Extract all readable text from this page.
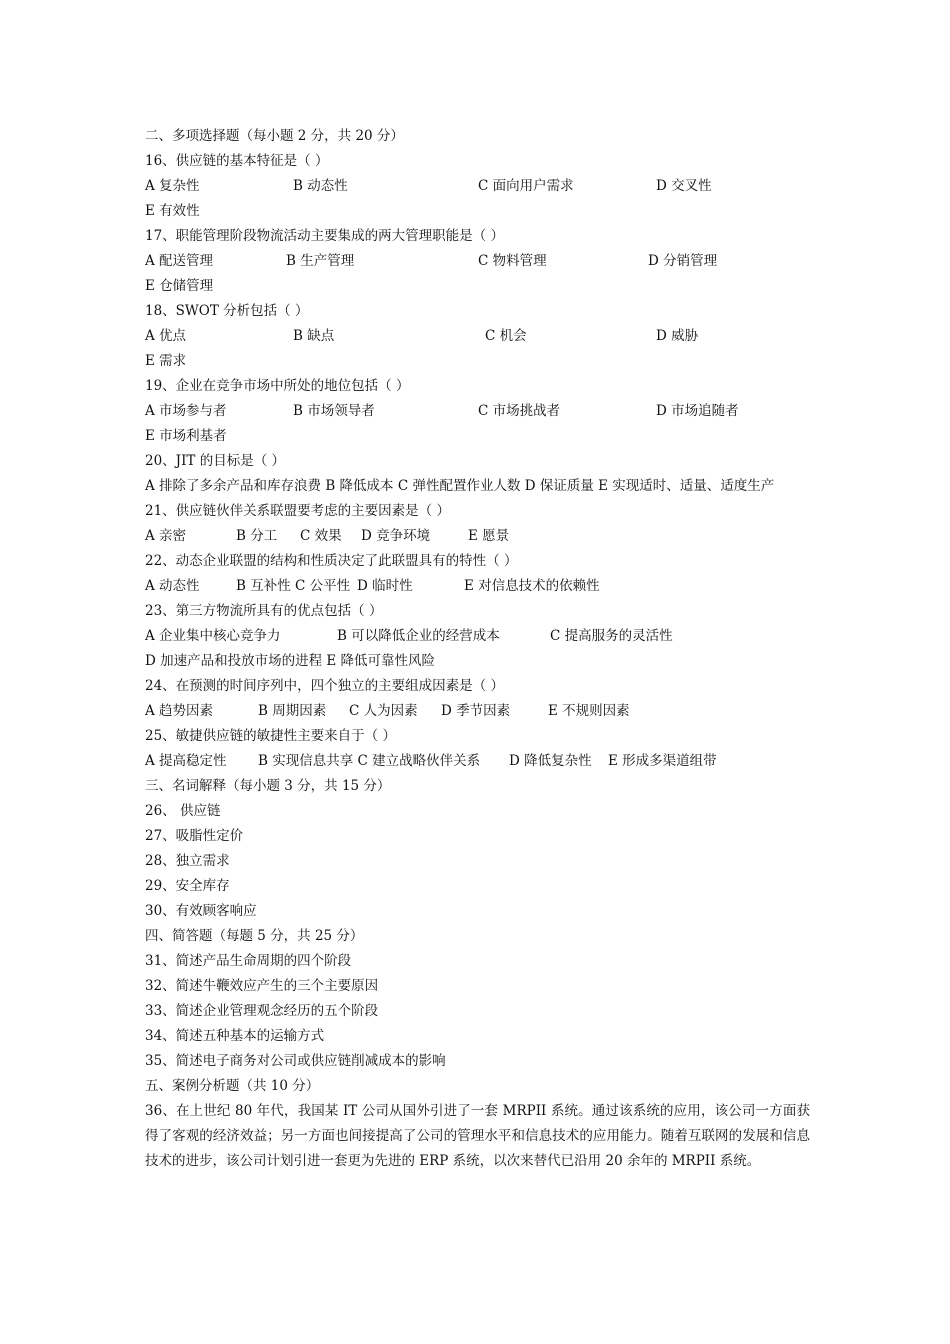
二、多项选择题（每小题 2 分，共 20 分）
16、供应链的基本特征是（ ）
A 复杂性	B 动态性	C 面向用户需求	D 交叉性
E 有效性
17、职能管理阶段物流活动主要集成的两大管理职能是（ ）
A 配送管理	B 生产管理	C 物料管理	D 分销管理
E 仓储管理
18、SWOT 分析包括（ ）
A 优点	B 缺点	C 机会	D 威胁
E 需求
19、企业在竞争市场中所处的地位包括（ ）
A 市场参与者	B 市场领导者	C 市场挑战者	D 市场追随者
E 市场利基者
20、JIT 的目标是（ ）
A 排除了多余产品和库存浪费 B 降低成本 C 弹性配置作业人数 D 保证质量 E 实现适时、适量、适度生产
21、供应链伙伴关系联盟要考虑的主要因素是（ ）
A 亲密	B 分工 C 效果 D 竞争环境	E 愿景
22、动态企业联盟的结构和性质决定了此联盟具有的特性（ ）
A 动态性	B 互补性 C 公平性 D 临时性	E 对信息技术的依赖性
23、第三方物流所具有的优点包括（ ）
A 企业集中核心竞争力	B 可以降低企业的经营成本	C 提高服务的灵活性
D 加速产品和投放市场的进程 E 降低可靠性风险
24、在预测的时间序列中，四个独立的主要组成因素是（ ）
A 趋势因素	B 周期因素 C 人为因素 D 季节因素	E 不规则因素
25、敏捷供应链的敏捷性主要来自于（ ）
A 提高稳定性 B 实现信息共享 C 建立战略伙伴关系 D 降低复杂性 E 形成多渠道组带
三、名词解释（每小题 3 分，共 15 分）
26、 供应链
27、吸脂性定价
28、独立需求
29、安全库存
30、有效顾客响应
四、简答题（每题 5 分，共 25 分）
31、简述产品生命周期的四个阶段
32、简述牛鞭效应产生的三个主要原因
33、简述企业管理观念经历的五个阶段
34、简述五种基本的运输方式
35、简述电子商务对公司或供应链削减成本的影响
五、案例分析题（共 10 分）
36、在上世纪 80 年代，我国某 IT 公司从国外引进了一套 MRPII 系统。通过该系统的应用，该公司一方面获得了客观的经济效益；另一方面也间接提高了公司的管理水平和信息技术的应用能力。随着互联网的发展和信息技术的进步，该公司计划引进一套更为先进的 ERP 系统，以次来替代已沿用 20 余年的 MRPII 系统。
